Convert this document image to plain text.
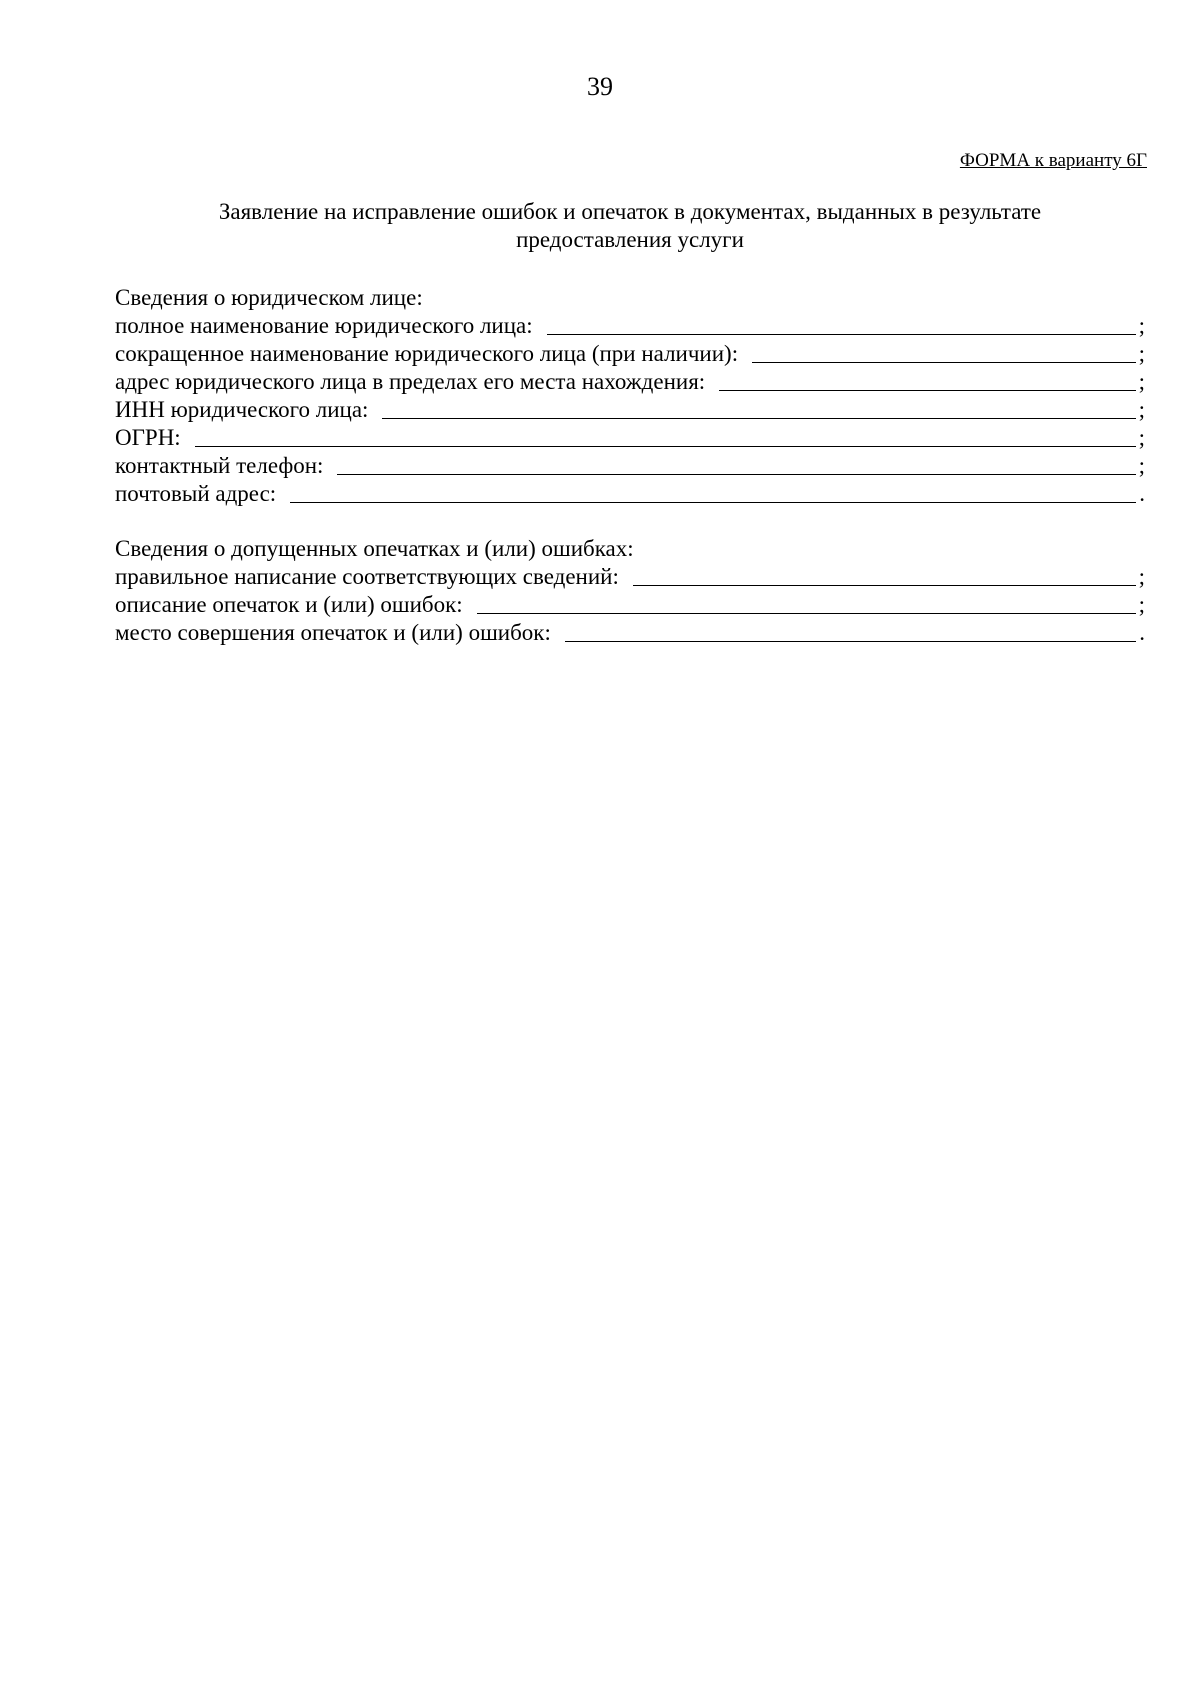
39
ФОРМА к варианту 6Г
Заявление на исправление ошибок и опечаток в документах, выданных в результате предоставления услуги
Сведения о юридическом лице:
полное наименование юридического лица:	;
сокращенное наименование юридического лица (при наличии):	;
адрес юридического лица в пределах его места нахождения:	;
ИНН юридического лица:	;
ОГРН:	;
контактный телефон:	;
почтовый адрес:	.
Сведения о допущенных опечатках и (или) ошибках:
правильное написание соответствующих сведений:	;
описание опечаток и (или) ошибок:	;
место совершения опечаток и (или) ошибок:	.
